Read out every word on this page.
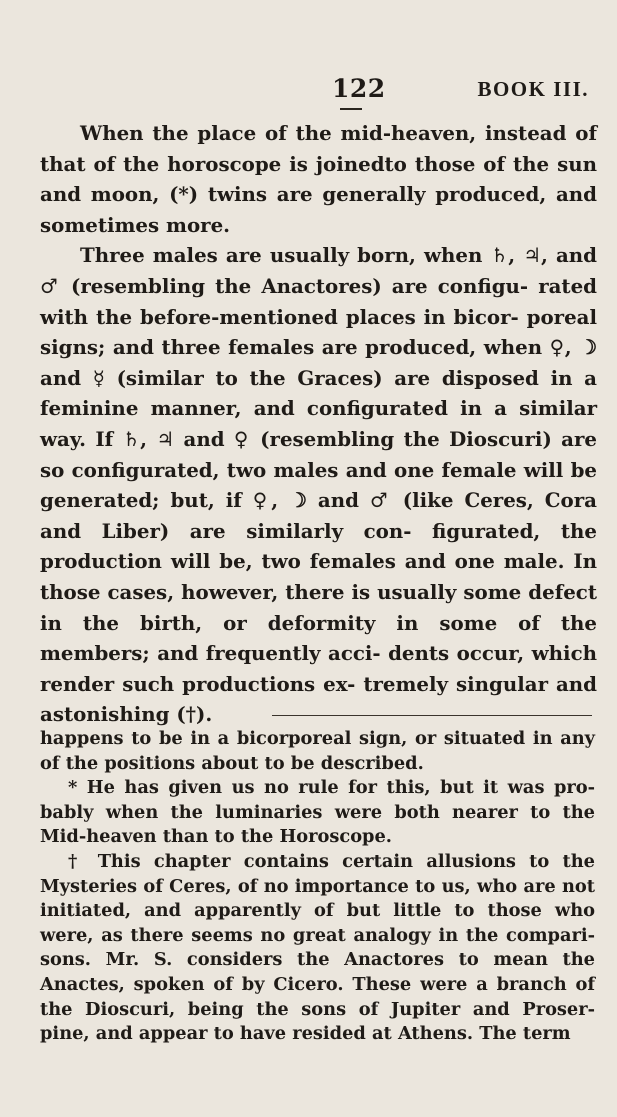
122	BOOK III.

When the place of the mid-heaven, instead of that of the horoscope is joinedto those of the sun and moon, (*) twins are generally produced, and sometimes more.

Three males are usually born, when ♄, ♃, and ♂ (resembling the Anactores) are configu- rated with the before-mentioned places in bicor- poreal signs; and three females are produced, when ♀, ☽ and ☿ (similar to the Graces) are disposed in a feminine manner, and configurated in a similar way. If ♄, ♃ and ♀ (resembling the Dioscuri) are so configurated, two males and one female will be generated; but, if ♀, ☽ and ♂ (like Ceres, Cora and Liber) are similarly con- figurated, the production will be, two females and one male. In those cases, however, there is usually some defect in the birth, or deformity in some of the members; and frequently acci- dents occur, which render such productions ex- tremely singular and astonishing (†).

happens to be in a bicorporeal sign, or situated in any of the positions about to be described.

* He has given us no rule for this, but it was pro- bably when the luminaries were both nearer to the Mid-heaven than to the Horoscope.

† This chapter contains certain allusions to the Mysteries of Ceres, of no importance to us, who are not initiated, and apparently of but little to those who were, as there seems no great analogy in the compari- sons. Mr. S. considers the Anactores to mean the Anactes, spoken of by Cicero. These were a branch of the Dioscuri, being the sons of Jupiter and Proser- pine, and appear to have resided at Athens. The term
